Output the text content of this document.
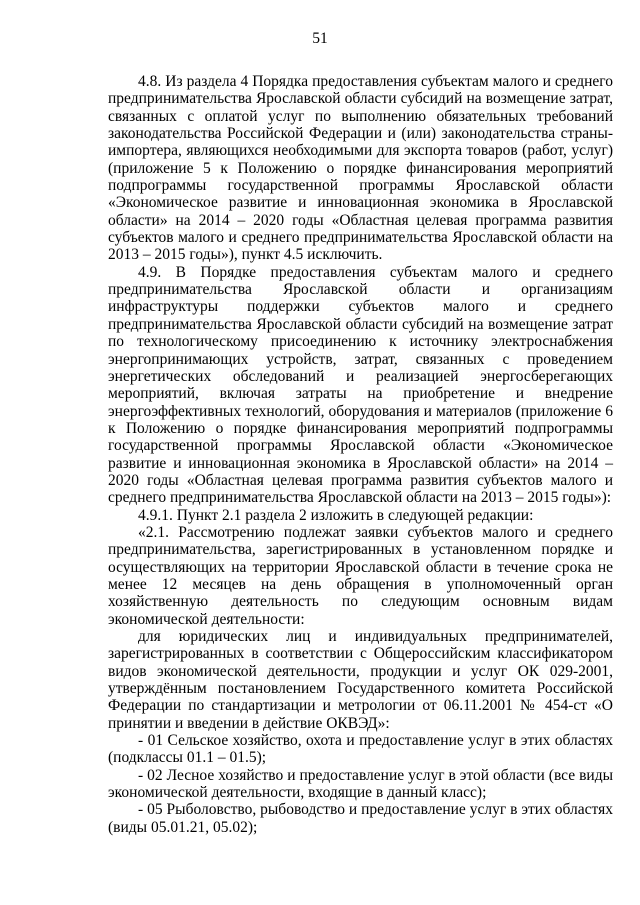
51

4.8. Из раздела 4 Порядка предоставления субъектам малого и среднего предпринимательства Ярославской области субсидий на возмещение затрат, связанных с оплатой услуг по выполнению обязательных требований законодательства Российской Федерации и (или) законодательства страны-импортера, являющихся необходимыми для экспорта товаров (работ, услуг) (приложение 5 к Положению о порядке финансирования мероприятий подпрограммы государственной программы Ярославской области «Экономическое развитие и инновационная экономика в Ярославской области» на 2014 – 2020 годы «Областная целевая программа развития субъектов малого и среднего предпринимательства Ярославской области на 2013 – 2015 годы»), пункт 4.5 исключить.

4.9. В Порядке предоставления субъектам малого и среднего предпринимательства Ярославской области и организациям инфраструктуры поддержки субъектов малого и среднего предпринимательства Ярославской области субсидий на возмещение затрат по технологическому присоединению к источнику электроснабжения энергопринимающих устройств, затрат, связанных с проведением энергетических обследований и реализацией энергосберегающих мероприятий, включая затраты на приобретение и внедрение энергоэффективных технологий, оборудования и материалов (приложение 6 к Положению о порядке финансирования мероприятий подпрограммы государственной программы Ярославской области «Экономическое развитие и инновационная экономика в Ярославской области» на 2014 – 2020 годы «Областная целевая программа развития субъектов малого и среднего предпринимательства Ярославской области на 2013 – 2015 годы»):

4.9.1. Пункт 2.1 раздела 2 изложить в следующей редакции:

«2.1. Рассмотрению подлежат заявки субъектов малого и среднего предпринимательства, зарегистрированных в установленном порядке и осуществляющих на территории Ярославской области в течение срока не менее 12 месяцев на день обращения в уполномоченный орган хозяйственную деятельность по следующим основным видам экономической деятельности:

для юридических лиц и индивидуальных предпринимателей, зарегистрированных в соответствии с Общероссийским классификатором видов экономической деятельности, продукции и услуг ОК 029-2001, утверждённым постановлением Государственного комитета Российской Федерации по стандартизации и метрологии от 06.11.2001 № 454-ст «О принятии и введении в действие ОКВЭД»:

- 01 Сельское хозяйство, охота и предоставление услуг в этих областях (подклассы 01.1 – 01.5);

- 02 Лесное хозяйство и предоставление услуг в этой области (все виды экономической деятельности, входящие в данный класс);

- 05 Рыболовство, рыбоводство и предоставление услуг в этих областях (виды 05.01.21, 05.02);
